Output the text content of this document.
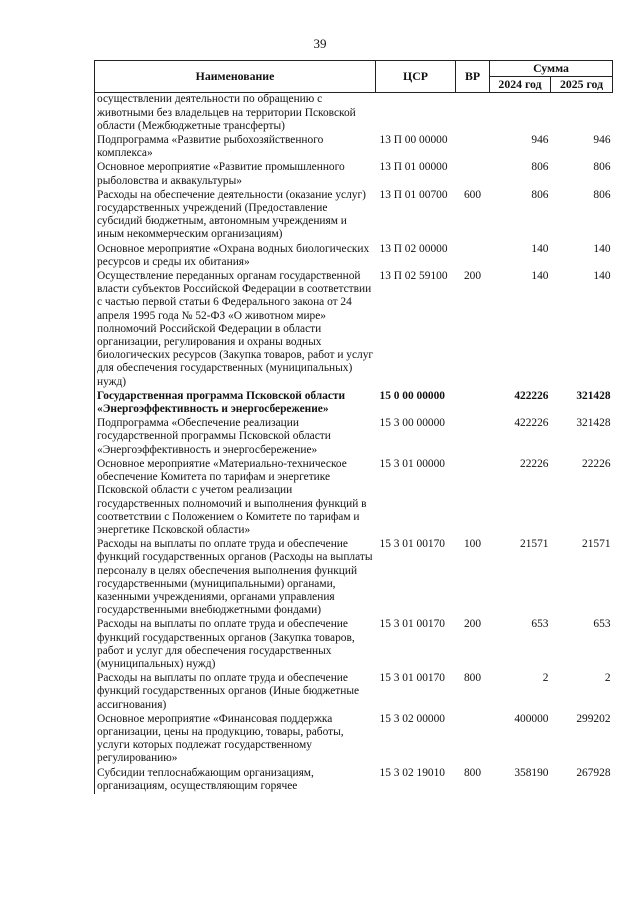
39
Наименование	ЦСР	ВР	Сумма	
			2024 год	2025 год
осуществлении деятельности по обращению с животными без владельцев на территории Псковской области (Межбюджетные трансферты)				
Подпрограмма «Развитие рыбохозяйственного комплекса»	13 П 00 00000		946	946
Основное мероприятие «Развитие промышленного рыболовства и аквакультуры»	13 П 01 00000		806	806
Расходы на обеспечение деятельности (оказание услуг) государственных учреждений (Предоставление субсидий бюджетным, автономным учреждениям и иным некоммерческим организациям)	13 П 01 00700	600	806	806
Основное мероприятие «Охрана водных биологических ресурсов и среды их обитания»	13 П 02 00000		140	140
Осуществление переданных органам государственной власти субъектов Российской Федерации в соответствии с частью первой статьи 6 Федерального закона от 24 апреля 1995 года № 52-ФЗ «О животном мире» полномочий Российской Федерации в области организации, регулирования и охраны водных биологических ресурсов (Закупка товаров, работ и услуг для обеспечения государственных (муниципальных) нужд)	13 П 02 59100	200	140	140
Государственная программа Псковской области «Энергоэффективность и энергосбережение»	15 0 00 00000		422226	321428
Подпрограмма «Обеспечение реализации государственной программы Псковской области «Энергоэффективность и энергосбережение»	15 3 00 00000		422226	321428
Основное мероприятие «Материально-техническое обеспечение Комитета по тарифам и энергетике Псковской области с учетом реализации государственных полномочий и выполнения функций в соответствии с Положением о Комитете по тарифам и энергетике Псковской области»	15 3 01 00000		22226	22226
Расходы на выплаты по оплате труда и обеспечение функций государственных органов (Расходы на выплаты персоналу в целях обеспечения выполнения функций государственными (муниципальными) органами, казенными учреждениями, органами управления государственными внебюджетными фондами)	15 3 01 00170	100	21571	21571
Расходы на выплаты по оплате труда и обеспечение функций государственных органов (Закупка товаров, работ и услуг для обеспечения государственных (муниципальных) нужд)	15 3 01 00170	200	653	653
Расходы на выплаты по оплате труда и обеспечение функций государственных органов (Иные бюджетные ассигнования)	15 3 01 00170	800	2	2
Основное мероприятие «Финансовая поддержка организации, цены на продукцию, товары, работы, услуги которых подлежат государственному регулированию»	15 3 02 00000		400000	299202
Субсидии теплоснабжающим организациям, организациям, осуществляющим горячее	15 3 02 19010	800	358190	267928
